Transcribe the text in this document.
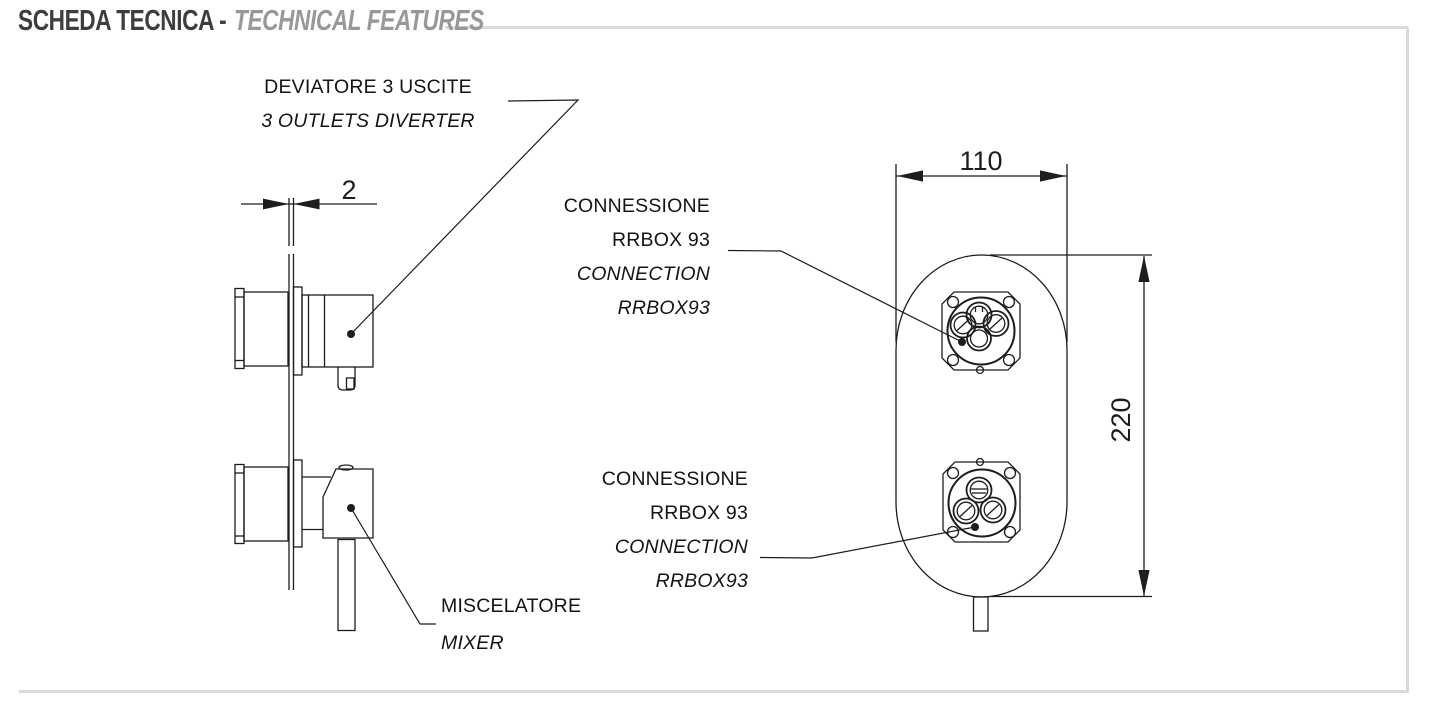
SCHEDA TECNICA - TECHNICAL FEATURES
2
110
220
DEVIATORE 3 USCITE
3 OUTLETS DIVERTER
CONNESSIONE
RRBOX 93
CONNECTION
RRBOX93
CONNESSIONE
RRBOX 93
CONNECTION
RRBOX93
MISCELATORE
MIXER
